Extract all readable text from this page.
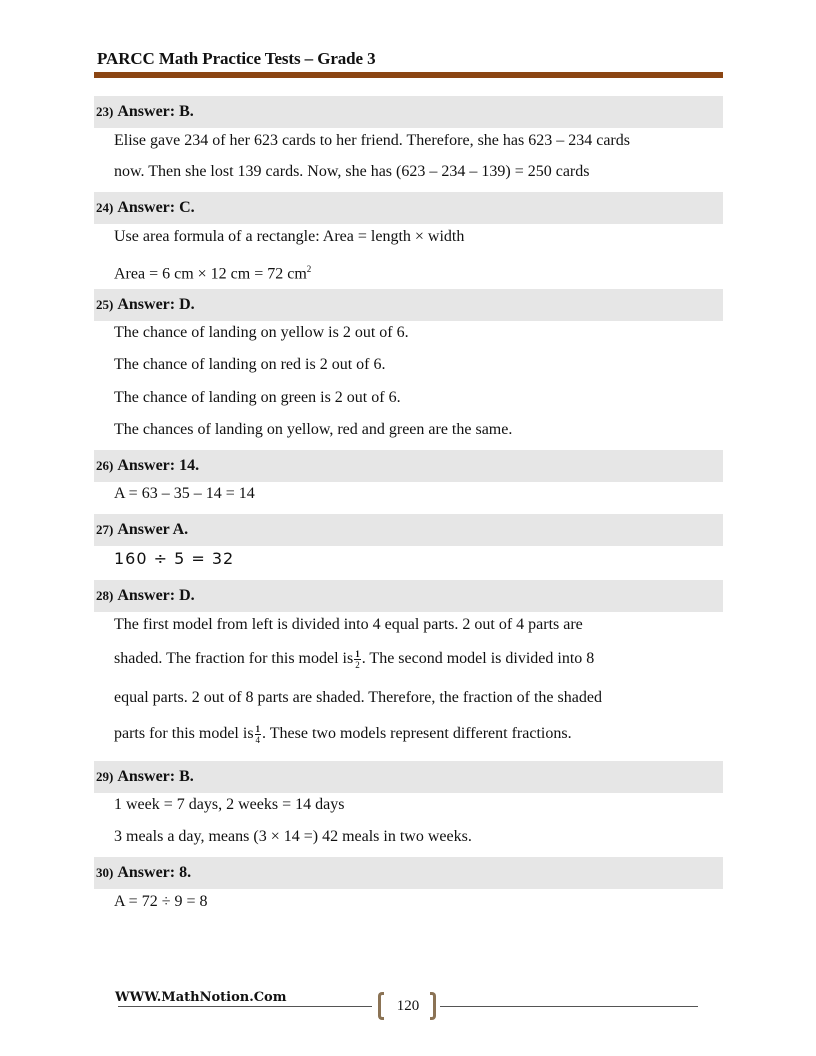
PARCC Math Practice Tests – Grade 3
23) Answer: B.
Elise gave 234 of her 623 cards to her friend. Therefore, she has 623 – 234 cards
now. Then she lost 139 cards. Now, she has (623 – 234 – 139) = 250 cards
24) Answer: C.
Use area formula of a rectangle: Area = length × width
Area = 6 cm × 12 cm = 72 $cm^2$
25) Answer: D.
The chance of landing on yellow is 2 out of 6.
The chance of landing on red is 2 out of 6.
The chance of landing on green is 2 out of 6.
The chances of landing on yellow, red and green are the same.
26) Answer: 14.
A = 63 – 35 – 14 = 14
27) Answer A.
160 ÷ 5 = 32
28) Answer: D.
The first model from left is divided into 4 equal parts. 2 out of 4 parts are
shaded. The fraction for this model is $\frac{1}{2}$ . The second model is divided into 8
equal parts. 2 out of 8 parts are shaded. Therefore, the fraction of the shaded
parts for this model is $\frac{1}{4}$ . These two models represent different fractions.
29) Answer: B.
1 week = 7 days, 2 weeks = 14 days
3 meals a day, means (3 × 14 =) 42 meals in two weeks.
30) Answer: 8.
A = 72 ÷ 9 = 8
WWW.MathNotion.Com
120
